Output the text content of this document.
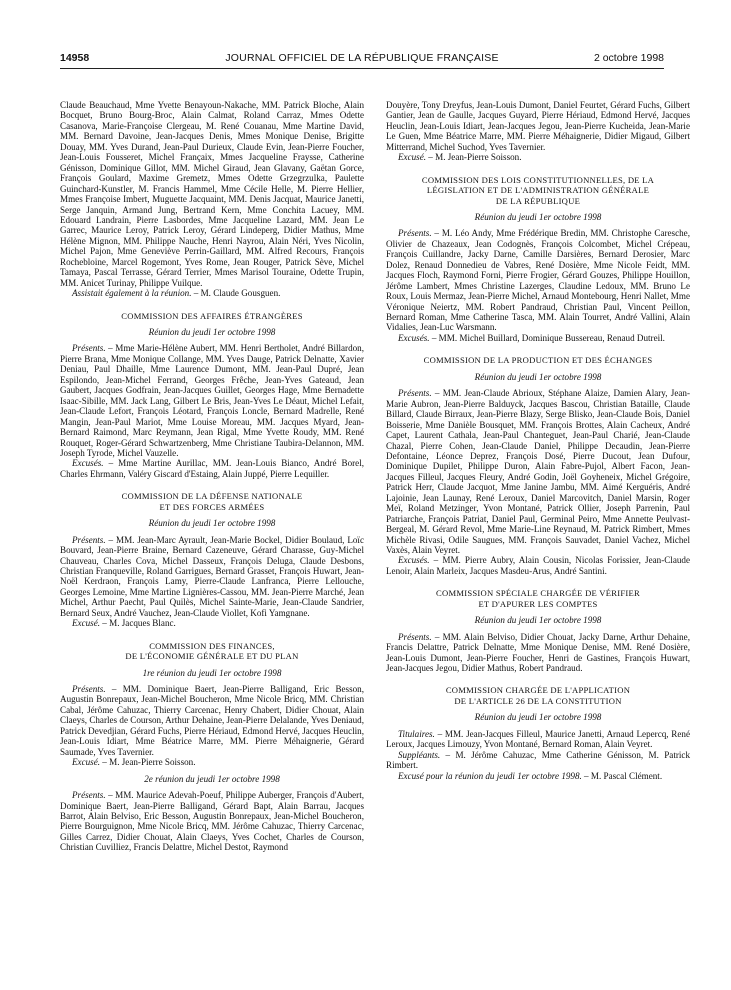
14958	JOURNAL OFFICIEL DE LA RÉPUBLIQUE FRANÇAISE	2 octobre 1998

Claude Beauchaud, Mme Yvette Benayoun-Nakache, MM. Patrick Bloche, Alain Bocquet, Bruno Bourg-Broc, Alain Calmat, Roland Carraz, Mmes Odette Casanova, Marie-Françoise Clergeau, M. René Couanau, Mme Martine David, MM. Bernard Davoine, Jean-Jacques Denis, Mmes Monique Denise, Brigitte Douay, MM. Yves Durand, Jean-Paul Durieux, Claude Evin, Jean-Pierre Foucher, Jean-Louis Fousseret, Michel Françaix, Mmes Jacqueline Fraysse, Catherine Génisson, Dominique Gillot, MM. Michel Giraud, Jean Glavany, Gaëtan Gorce, François Goulard, Maxime Gremetz, Mmes Odette Grzegrzulka, Paulette Guinchard-Kunstler, M. Francis Hammel, Mme Cécile Helle, M. Pierre Hellier, Mmes Françoise Imbert, Muguette Jacquaint, MM. Denis Jacquat, Maurice Janetti, Serge Janquin, Armand Jung, Bertrand Kern, Mme Conchita Lacuey, MM. Edouard Landrain, Pierre Lasbordes, Mme Jacqueline Lazard, MM. Jean Le Garrec, Maurice Leroy, Patrick Leroy, Gérard Lindeperg, Didier Mathus, Mme Hélène Mignon, MM. Philippe Nauche, Henri Nayrou, Alain Néri, Yves Nicolin, Michel Pajon, Mme Geneviève Perrin-Gaillard, MM. Alfred Recours, François Rochebloine, Marcel Rogemont, Yves Rome, Jean Rouger, Patrick Sève, Michel Tamaya, Pascal Terrasse, Gérard Terrier, Mmes Marisol Touraine, Odette Trupin, MM. Anicet Turinay, Philippe Vuilque.

Assistait également à la réunion. – M. Claude Gousguen.

COMMISSION DES AFFAIRES ÉTRANGÈRES

Réunion du jeudi 1er octobre 1998

Présents. – Mme Marie-Hélène Aubert, MM. Henri Bertholet, André Billardon, Pierre Brana, Mme Monique Collange, MM. Yves Dauge, Patrick Delnatte, Xavier Deniau, Paul Dhaille, Mme Laurence Dumont, MM. Jean-Paul Dupré, Jean Espilondo, Jean-Michel Ferrand, Georges Frêche, Jean-Yves Gateaud, Jean Gaubert, Jacques Godfrain, Jean-Jacques Guillet, Georges Hage, Mme Bernadette Isaac-Sibille, MM. Jack Lang, Gilbert Le Bris, Jean-Yves Le Déaut, Michel Lefait, Jean-Claude Lefort, François Léotard, François Loncle, Bernard Madrelle, René Mangin, Jean-Paul Mariot, Mme Louise Moreau, MM. Jacques Myard, Jean-Bernard Raimond, Marc Reymann, Jean Rigal, Mme Yvette Roudy, MM. René Rouquet, Roger-Gérard Schwartzenberg, Mme Christiane Taubira-Delannon, MM. Joseph Tyrode, Michel Vauzelle.

Excusés. – Mme Martine Aurillac, MM. Jean-Louis Bianco, André Borel, Charles Ehrmann, Valéry Giscard d'Estaing, Alain Juppé, Pierre Lequiller.

COMMISSION DE LA DÉFENSE NATIONALE

ET DES FORCES ARMÉES

Réunion du jeudi 1er octobre 1998

Présents. – MM. Jean-Marc Ayrault, Jean-Marie Bockel, Didier Boulaud, Loïc Bouvard, Jean-Pierre Braine, Bernard Cazeneuve, Gérard Charasse, Guy-Michel Chauveau, Charles Cova, Michel Dasseux, François Deluga, Claude Desbons, Christian Franqueville, Roland Garrigues, Bernard Grasset, François Huwart, Jean-Noël Kerdraon, François Lamy, Pierre-Claude Lanfranca, Pierre Lellouche, Georges Lemoine, Mme Martine Lignières-Cassou, MM. Jean-Pierre Marché, Jean Michel, Arthur Paecht, Paul Quilès, Michel Sainte-Marie, Jean-Claude Sandrier, Bernard Seux, André Vauchez, Jean-Claude Viollet, Kofi Yamgnane.

Excusé. – M. Jacques Blanc.

COMMISSION DES FINANCES,

DE L'ÉCONOMIE GÉNÉRALE ET DU PLAN

1re réunion du jeudi 1er octobre 1998

Présents. – MM. Dominique Baert, Jean-Pierre Balligand, Eric Besson, Augustin Bonrepaux, Jean-Michel Boucheron, Mme Nicole Bricq, MM. Christian Cabal, Jérôme Cahuzac, Thierry Carcenac, Henry Chabert, Didier Chouat, Alain Claeys, Charles de Courson, Arthur Dehaine, Jean-Pierre Delalande, Yves Deniaud, Patrick Devedjian, Gérard Fuchs, Pierre Hériaud, Edmond Hervé, Jacques Heuclin, Jean-Louis Idiart, Mme Béatrice Marre, MM. Pierre Méhaignerie, Gérard Saumade, Yves Tavernier.

Excusé. – M. Jean-Pierre Soisson.

2e réunion du jeudi 1er octobre 1998

Présents. – MM. Maurice Adevah-Poeuf, Philippe Auberger, François d'Aubert, Dominique Baert, Jean-Pierre Balligand, Gérard Bapt, Alain Barrau, Jacques Barrot, Alain Belviso, Eric Besson, Augustin Bonrepaux, Jean-Michel Boucheron, Pierre Bourguignon, Mme Nicole Bricq, MM. Jérôme Cahuzac, Thierry Carcenac, Gilles Carrez, Didier Chouat, Alain Claeys, Yves Cochet, Charles de Courson, Christian Cuvilliez, Francis Delattre, Michel Destot, Raymond

Douyère, Tony Dreyfus, Jean-Louis Dumont, Daniel Feurtet, Gérard Fuchs, Gilbert Gantier, Jean de Gaulle, Jacques Guyard, Pierre Hériaud, Edmond Hervé, Jacques Heuclin, Jean-Louis Idiart, Jean-Jacques Jegou, Jean-Pierre Kucheida, Jean-Marie Le Guen, Mme Béatrice Marre, MM. Pierre Méhaignerie, Didier Migaud, Gilbert Mitterrand, Michel Suchod, Yves Tavernier.

Excusé. – M. Jean-Pierre Soisson.

COMMISSION DES LOIS CONSTITUTIONNELLES, DE LA

LÉGISLATION ET DE L'ADMINISTRATION GÉNÉRALE

DE LA RÉPUBLIQUE

Réunion du jeudi 1er octobre 1998

Présents. – M. Léo Andy, Mme Frédérique Bredin, MM. Christophe Caresche, Olivier de Chazeaux, Jean Codognès, François Colcombet, Michel Crépeau, François Cuillandre, Jacky Darne, Camille Darsières, Bernard Derosier, Marc Dolez, Renaud Donnedieu de Vabres, René Dosière, Mme Nicole Feidt, MM. Jacques Floch, Raymond Forni, Pierre Frogier, Gérard Gouzes, Philippe Houillon, Jérôme Lambert, Mmes Christine Lazerges, Claudine Ledoux, MM. Bruno Le Roux, Louis Mermaz, Jean-Pierre Michel, Arnaud Montebourg, Henri Nallet, Mme Véronique Neiertz, MM. Robert Pandraud, Christian Paul, Vincent Peillon, Bernard Roman, Mme Catherine Tasca, MM. Alain Tourret, André Vallini, Alain Vidalies, Jean-Luc Warsmann.

Excusés. – MM. Michel Buillard, Dominique Bussereau, Renaud Dutreil.

COMMISSION DE LA PRODUCTION ET DES ÉCHANGES

Réunion du jeudi 1er octobre 1998

Présents. – MM. Jean-Claude Abrioux, Stéphane Alaize, Damien Alary, Jean-Marie Aubron, Jean-Pierre Balduyck, Jacques Bascou, Christian Bataille, Claude Billard, Claude Birraux, Jean-Pierre Blazy, Serge Blisko, Jean-Claude Bois, Daniel Boisserie, Mme Danièle Bousquet, MM. François Brottes, Alain Cacheux, André Capet, Laurent Cathala, Jean-Paul Chanteguet, Jean-Paul Charié, Jean-Claude Chazal, Pierre Cohen, Jean-Claude Daniel, Philippe Decaudin, Jean-Pierre Defontaine, Léonce Deprez, François Dosé, Pierre Ducout, Jean Dufour, Dominique Dupilet, Philippe Duron, Alain Fabre-Pujol, Albert Facon, Jean-Jacques Filleul, Jacques Fleury, André Godin, Joël Goyheneix, Michel Grégoire, Patrick Herr, Claude Jacquot, Mme Janine Jambu, MM. Aimé Kerguéris, André Lajoinie, Jean Launay, René Leroux, Daniel Marcovitch, Daniel Marsin, Roger Meï, Roland Metzinger, Yvon Montané, Patrick Ollier, Joseph Parrenin, Paul Patriarche, François Patriat, Daniel Paul, Germinal Peiro, Mme Annette Peulvast-Bergeal, M. Gérard Revol, Mme Marie-Line Reynaud, M. Patrick Rimbert, Mmes Michèle Rivasi, Odile Saugues, MM. François Sauvadet, Daniel Vachez, Michel Vaxès, Alain Veyret.

Excusés. – MM. Pierre Aubry, Alain Cousin, Nicolas Forissier, Jean-Claude Lenoir, Alain Marleix, Jacques Masdeu-Arus, André Santini.

COMMISSION SPÉCIALE CHARGÉE DE VÉRIFIER

ET D'APURER LES COMPTES

Réunion du jeudi 1er octobre 1998

Présents. – MM. Alain Belviso, Didier Chouat, Jacky Darne, Arthur Dehaine, Francis Delattre, Patrick Delnatte, Mme Monique Denise, MM. René Dosière, Jean-Louis Dumont, Jean-Pierre Foucher, Henri de Gastines, François Huwart, Jean-Jacques Jegou, Didier Mathus, Robert Pandraud.

COMMISSION CHARGÉE DE L'APPLICATION

DE L'ARTICLE 26 DE LA CONSTITUTION

Réunion du jeudi 1er octobre 1998

Titulaires. – MM. Jean-Jacques Filleul, Maurice Janetti, Arnaud Lepercq, René Leroux, Jacques Limouzy, Yvon Montané, Bernard Roman, Alain Veyret.

Suppléants. – M. Jérôme Cahuzac, Mme Catherine Génisson, M. Patrick Rimbert.

Excusé pour la réunion du jeudi 1er octobre 1998. – M. Pascal Clément.
